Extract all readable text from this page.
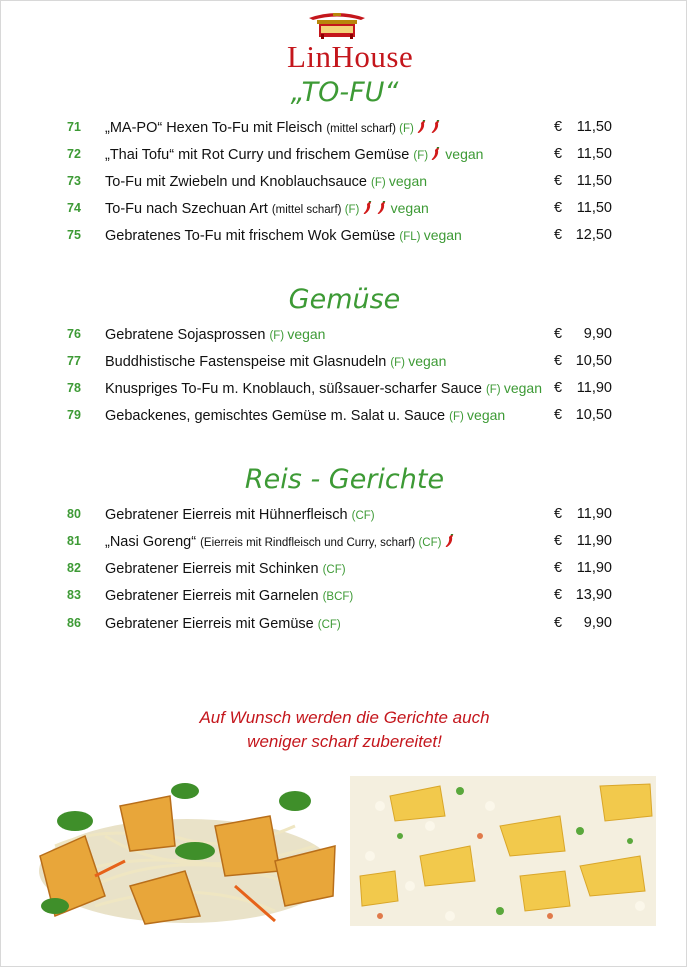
LinHouse
„TO-FU“
Gemüse
Reis - Gerichte
71 „MA-PO“ Hexen To-Fu mit Fleisch (mittel scharf) (F)	€ 11,50
72 „Thai Tofu“ mit Rot Curry und frischem Gemüse (F)  vegan	€ 11,50
73 To-Fu mit Zwiebeln und Knoblauchsauce (F) vegan	€ 11,50
74 To-Fu nach Szechuan Art (mittel scharf) (F)   vegan	€ 11,50
75 Gebratenes To-Fu mit frischem Wok Gemüse (FL) vegan	€ 12,50
76 Gebratene Sojasprossen (F) vegan	€ 9,90
77 Buddhistische Fastenspeise mit Glasnudeln (F) vegan	€ 10,50
78 Knuspriges To-Fu m. Knoblauch, süßsauer-scharfer Sauce (F) vegan € 11,90
79 Gebackenes, gemischtes Gemüse m. Salat u. Sauce (F) vegan	€ 10,50
80 Gebratener Eierreis mit Hühnerfleisch (CF)	€ 11,90
81 „Nasi Goreng“ (Eierreis mit Rindfleisch und Curry, scharf) (CF)	€ 11,90
82 Gebratener Eierreis mit Schinken (CF)	€ 11,90
83 Gebratener Eierreis mit Garnelen (BCF)	€ 13,90
86 Gebratener Eierreis mit Gemüse (CF)	€ 9,90
Auf Wunsch werden die Gerichte auch
weniger scharf zubereitet!
